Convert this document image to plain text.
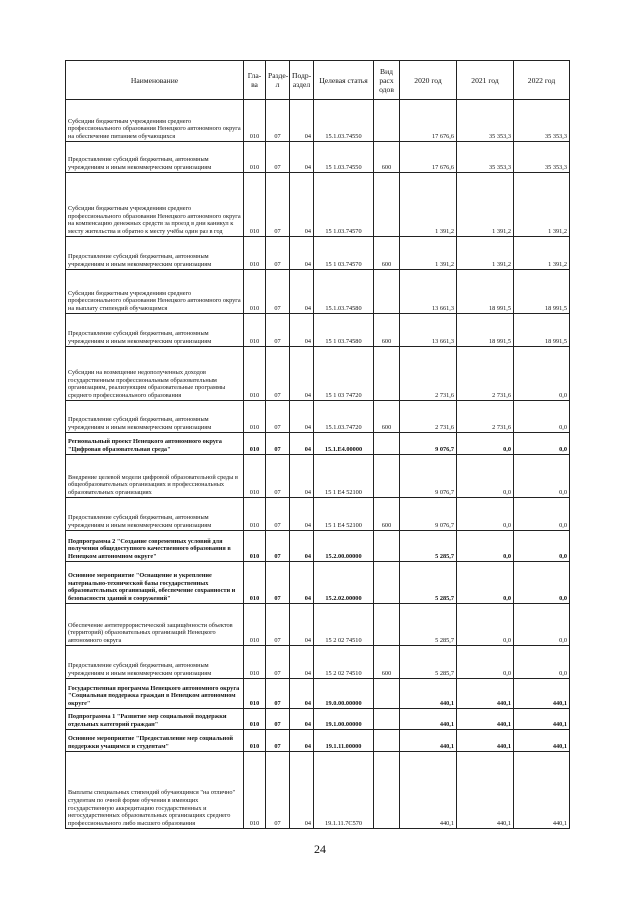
Наименование	Глава	Раздел	Подраздел	Целевая статья	Вид расх одов	2020 год	2021 год	2022 год
Субсидии бюджетным учреждениям среднего профессионального образования Ненецкого автономного округа на обеспечение питанием обучающихся	010	07	04	15.1.03.74550		17 676,6	35 353,3	35 353,3
Предоставление субсидий бюджетным, автономным учреждениям и иным некоммерческим организациям	010	07	04	15 1.03.74550	600	17 676,6	35 353,3	35 353,3
Субсидии бюджетным учреждениям среднего профессионального образования Ненецкого автономного округа на компенсацию денежных средств за проезд в дни каникул к месту жительства и обратно к месту учёбы один раз в год	010	07	04	15 1.03.74570		1 391,2	1 391,2	1 391,2
Предоставление субсидий бюджетным, автономным учреждениям и иным некоммерческим организациям	010	07	04	15 1 03.74570	600	1 391,2	1 391,2	1 391,2
Субсидии бюджетным учреждениям среднего профессионального образования Ненецкого автономного округа на выплату стипендий обучающимся	010	07	04	15.1.03.74580		13 661,3	18 991,5	18 991,5
Предоставление субсидий бюджетным, автономным учреждениям и иным некоммерческим организациям	010	07	04	15 1 03.74580	600	13 661,3	18 991,5	18 991,5
Субсидии на возмещение недополученных доходов государственным профессиональным образовательным организациям, реализующим образовательные программы среднего профессионального образования	010	07	04	15 1 03 74720		2 731,6	2 731,6	0,0
Предоставление субсидий бюджетным, автономным учреждениям и иным некоммерческим организациям	010	07	04	15.1.03.74720	600	2 731,6	2 731,6	0,0
Региональный проект Ненецкого автономного округа "Цифровая образовательная среда"	010	07	04	15.1.Е4.00000		9 076,7	0,0	0,0
Внедрение целевой модели цифровой образовательной среды в общеобразовательных организациях и профессиональных образовательных организациях	010	07	04	15 1 Е4 52100		9 076,7	0,0	0,0
Предоставление субсидий бюджетным, автономным учреждениям и иным некоммерческим организациям	010	07	04	15 1 Е4 52100	600	9 076,7	0,0	0,0
Подпрограмма 2 "Создание современных условий для получения общедоступного качественного образования в Ненецком автономном округе"	010	07	04	15.2.00.00000		5 285,7	0,0	0,0
Основное мероприятие "Оснащение и укрепление материально-технической базы государственных образовательных организаций, обеспечение сохранности и безопасности зданий и сооружений"	010	07	04	15.2.02.00000		5 285,7	0,0	0,0
Обеспечение антитеррористической защищённости объектов (территорий) образовательных организаций Ненецкого автономного округа	010	07	04	15 2 02 74510		5 285,7	0,0	0,0
Предоставление субсидий бюджетным, автономным учреждениям и иным некоммерческим организациям	010	07	04	15 2 02 74510	600	5 285,7	0,0	0,0
Государственная программа Ненецкого автономного округа "Социальная поддержка граждан в Ненецком автономном округе"	010	07	04	19.0.00.00000		440,1	440,1	440,1
Подпрограмма 1 "Развитие мер социальной поддержки отдельных категорий граждан"	010	07	04	19.1.00.00000		440,1	440,1	440,1
Основное мероприятие "Предоставление мер социальной поддержки учащимся и студентам"	010	07	04	19.1.11.00000		440,1	440,1	440,1
Выплаты специальных стипендий обучающимся "на отлично" студентам по очной форме обучения в имеющих государственную аккредитацию государственных и негосударственных образовательных организациях среднего профессионального либо высшего образования	010	07	04	19.1.11.7С570		440,1	440,1	440,1
24
